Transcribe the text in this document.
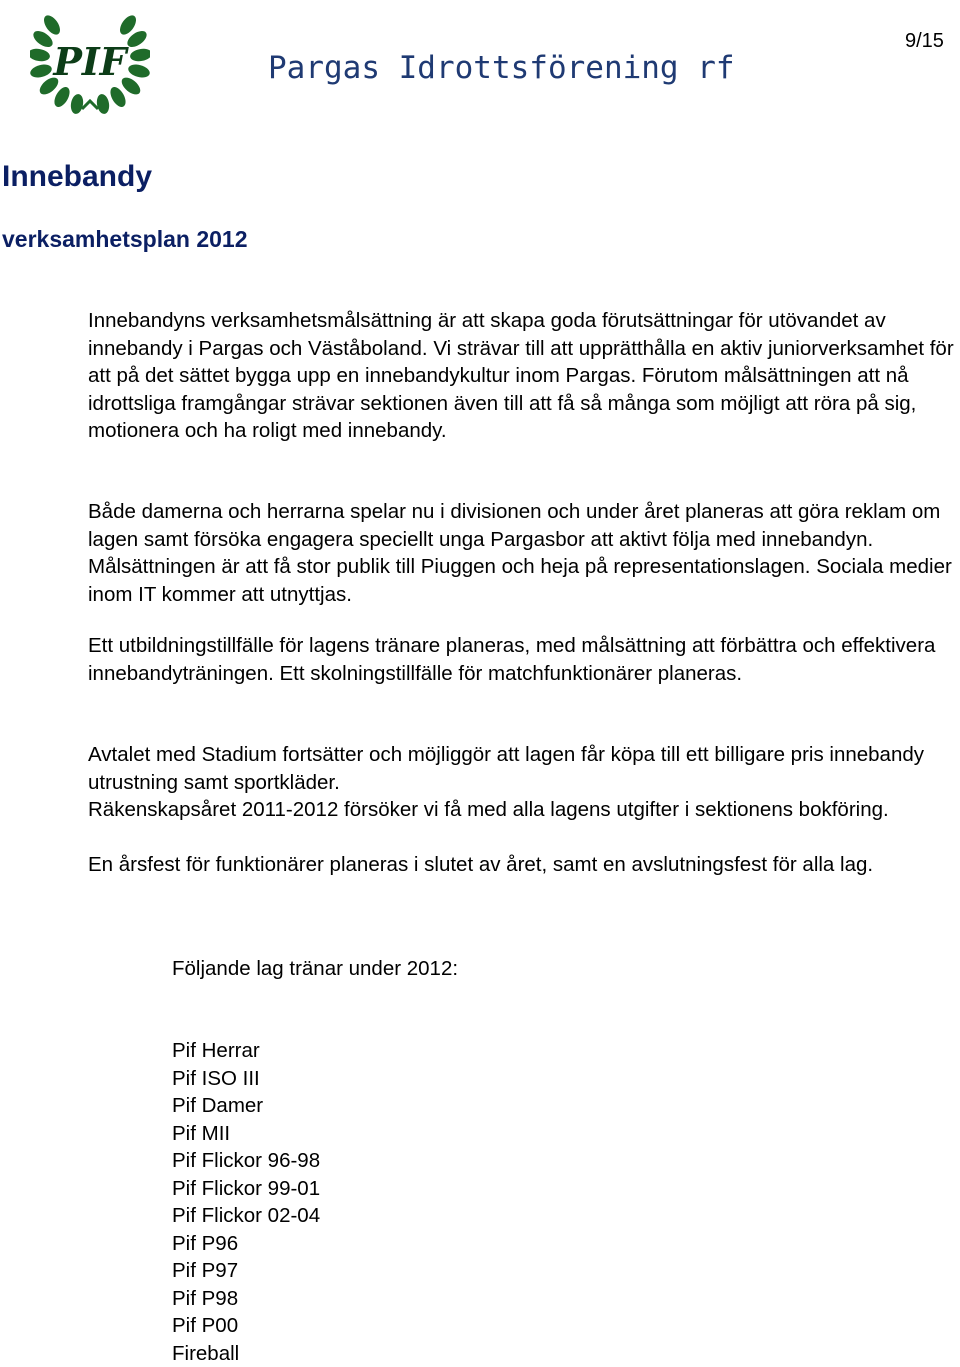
PIF	Pargas Idrottsförening rf
9/15
Innebandy
verksamhetsplan 2012

Innebandyns verksamhetsmålsättning är att skapa goda förutsättningar för utövandet av innebandy i Pargas och Väståboland. Vi strävar till att upprätthålla en aktiv juniorverksamhet för att på det sättet bygga upp en innebandykultur inom Pargas. Förutom målsättningen att nå idrottsliga framgångar strävar sektionen även till att få så många som möjligt att röra på sig, motionera och ha roligt med innebandy.

Både damerna och herrarna spelar nu i divisionen och under året planeras att göra reklam om lagen samt försöka engagera speciellt unga Pargasbor att aktivt följa med innebandyn. Målsättningen är att få stor publik till Piuggen och heja på representationslagen. Sociala medier inom IT kommer att utnyttjas.

Ett utbildningstillfälle för lagens tränare planeras, med målsättning att förbättra och effektivera innebandyträningen. Ett skolningstillfälle för matchfunktionärer planeras.

Avtalet med Stadium fortsätter och möjliggör att lagen får köpa till ett billigare pris innebandy utrustning samt sportkläder.

Räkenskapsåret 2011-2012 försöker vi få med alla lagens utgifter i sektionens bokföring.

En årsfest för funktionärer planeras i slutet av året, samt en avslutningsfest för alla lag.

Följande lag tränar under 2012:

Pif Herrar
Pif ISO III
Pif Damer
Pif MII
Pif Flickor 96-98
Pif Flickor 99-01
Pif Flickor 02-04
Pif P96
Pif P97
Pif P98
Pif P00
Fireball
